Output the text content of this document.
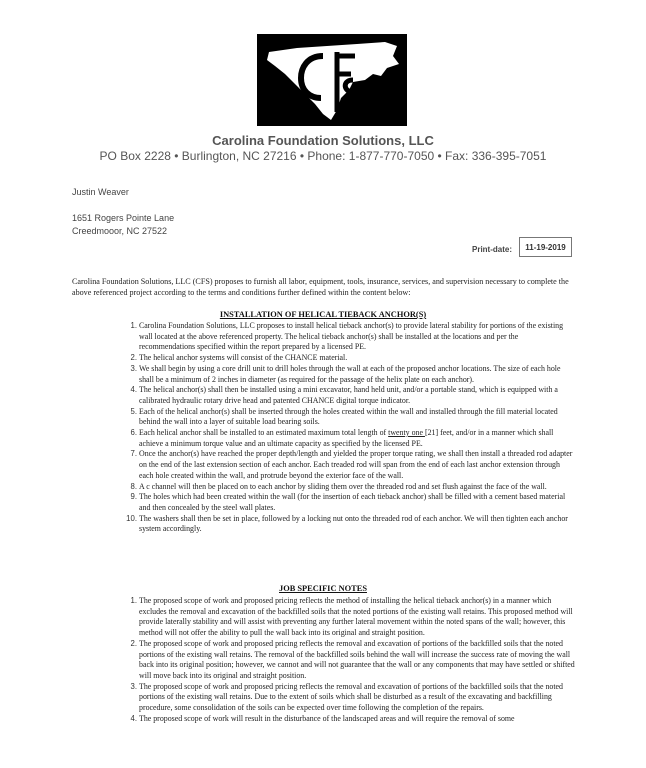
Carolina Foundation Solutions, LLC
PO Box 2228 • Burlington, NC 27216 • Phone: 1-877-770-7050 • Fax: 336-395-7051
Justin Weaver
1651 Rogers Pointe Lane
Creedmooor, NC 27522
Print-date:	11-19-2019
Carolina Foundation Solutions, LLC (CFS) proposes to furnish all labor, equipment, tools, insurance, services, and supervision necessary to complete the above referenced project according to the terms and conditions further defined within the content below:
INSTALLATION OF HELICAL TIEBACK ANCHOR(S)
1. Carolina Foundation Solutions, LLC proposes to install helical tieback anchor(s) to provide lateral stability for portions of the existing wall located at the above referenced property. The helical tieback anchor(s) shall be installed at the locations and per the recommendations specified within the report prepared by a licensed PE.
2. The helical anchor systems will consist of the CHANCE material.
3. We shall begin by using a core drill unit to drill holes through the wall at each of the proposed anchor locations. The size of each hole shall be a minimum of 2 inches in diameter (as required for the passage of the helix plate on each anchor).
4. The helical anchor(s) shall then be installed using a mini excavator, hand held unit, and/or a portable stand, which is equipped with a calibrated hydraulic rotary drive head and patented CHANCE digital torque indicator.
5. Each of the helical anchor(s) shall be inserted through the holes created within the wall and installed through the fill material located behind the wall into a layer of suitable load bearing soils.
6. Each helical anchor shall be installed to an estimated maximum total length of twenty one [21] feet, and/or in a manner which shall achieve a minimum torque value and an ultimate capacity as specified by the licensed PE.
7. Once the anchor(s) have reached the proper depth/length and yielded the proper torque rating, we shall then install a threaded rod adapter on the end of the last extension section of each anchor. Each treaded rod will span from the end of each last anchor extension through each hole created within the wall, and protrude beyond the exterior face of the wall.
8. A c channel will then be placed on to each anchor by sliding them over the threaded rod and set flush against the face of the wall.
9. The holes which had been created within the wall (for the insertion of each tieback anchor) shall be filled with a cement based material and then concealed by the steel wall plates.
10. The washers shall then be set in place, followed by a locking nut onto the threaded rod of each anchor. We will then tighten each anchor system accordingly.
JOB SPECIFIC NOTES
1. The proposed scope of work and proposed pricing reflects the method of installing the helical tieback anchor(s) in a manner which excludes the removal and excavation of the backfilled soils that the noted portions of the existing wall retains. This proposed method will provide laterally stability and will assist with preventing any further lateral movement within the noted spans of the wall; however, this method will not offer the ability to pull the wall back into its original and straight position.
2. The proposed scope of work and proposed pricing reflects the removal and excavation of portions of the backfilled soils that the noted portions of the existing wall retains. The removal of the backfilled soils behind the wall will increase the success rate of moving the wall back into its original position; however, we cannot and will not guarantee that the wall or any components that may have settled or shifted will move back into its original and straight position.
3. The proposed scope of work and proposed pricing reflects the removal and excavation of portions of the backfilled soils that the noted portions of the existing wall retains. Due to the extent of soils which shall be disturbed as a result of the excavating and backfilling procedure, some consolidation of the soils can be expected over time following the completion of the repairs.
4. The proposed scope of work will result in the disturbance of the landscaped areas and will require the removal of some
